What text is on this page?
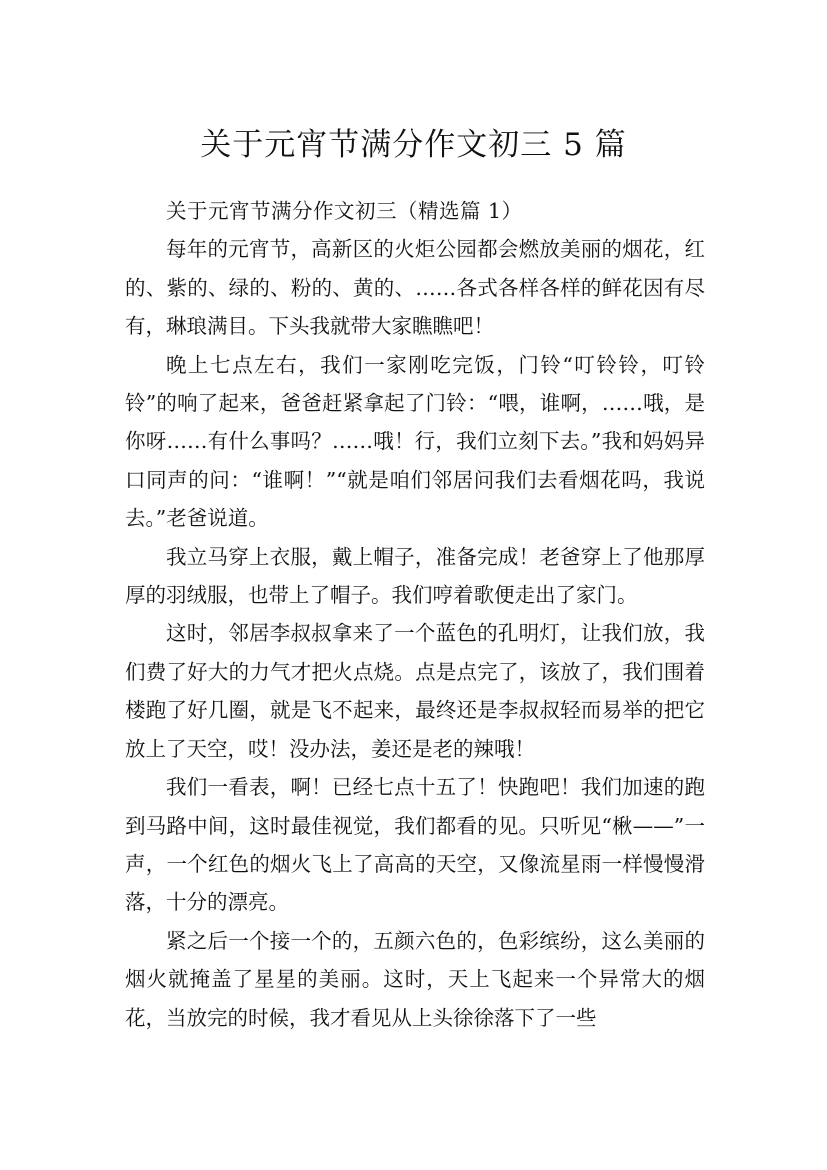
关于元宵节满分作文初三 5 篇

关于元宵节满分作文初三（精选篇 1）

每年的元宵节，高新区的火炬公园都会燃放美丽的烟花，红的、紫的、绿的、粉的、黄的、……各式各样各样的鲜花因有尽有，琳琅满目。下头我就带大家瞧瞧吧！

晚上七点左右，我们一家刚吃完饭，门铃“叮铃铃，叮铃铃”的响了起来，爸爸赶紧拿起了门铃：“喂，谁啊，……哦，是你呀……有什么事吗？……哦！行，我们立刻下去。”我和妈妈异口同声的问：“谁啊！”“就是咱们邻居问我们去看烟花吗，我说去。”老爸说道。

我立马穿上衣服，戴上帽子，准备完成！老爸穿上了他那厚厚的羽绒服，也带上了帽子。我们哼着歌便走出了家门。

这时，邻居李叔叔拿来了一个蓝色的孔明灯，让我们放，我们费了好大的力气才把火点烧。点是点完了，该放了，我们围着楼跑了好几圈，就是飞不起来，最终还是李叔叔轻而易举的把它放上了天空，哎！没办法，姜还是老的辣哦！

我们一看表，啊！已经七点十五了！快跑吧！我们加速的跑到马路中间，这时最佳视觉，我们都看的见。只听见“楸——”一声，一个红色的烟火飞上了高高的天空，又像流星雨一样慢慢滑落，十分的漂亮。

紧之后一个接一个的，五颜六色的，色彩缤纷，这么美丽的烟火就掩盖了星星的美丽。这时，天上飞起来一个异常大的烟花，当放完的时候，我才看见从上头徐徐落下了一些
